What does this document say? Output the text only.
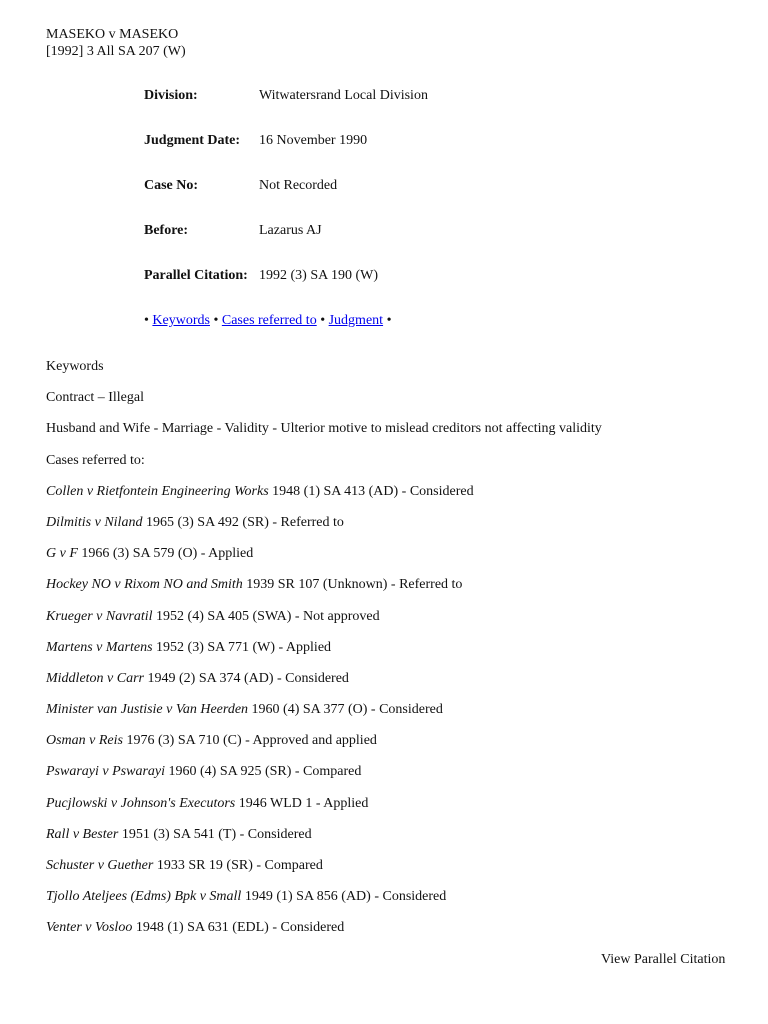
MASEKO v MASEKO
[1992] 3 All SA 207 (W)
Division:	Witwatersrand Local Division
Judgment Date:	16 November 1990
Case No:	Not Recorded
Before:	Lazarus AJ
Parallel Citation: 1992 (3) SA 190 (W)
• Keywords • Cases referred to • Judgment •
Keywords
Contract – Illegal
Husband and Wife - Marriage - Validity - Ulterior motive to mislead creditors not affecting validity
Cases referred to:
Collen v Rietfontein Engineering Works 1948 (1) SA 413 (AD) - Considered
Dilmitis v Niland 1965 (3) SA 492 (SR) - Referred to
G v F 1966 (3) SA 579 (O) - Applied
Hockey NO v Rixom NO and Smith 1939 SR 107 (Unknown) - Referred to
Krueger v Navratil 1952 (4) SA 405 (SWA) - Not approved
Martens v Martens 1952 (3) SA 771 (W) - Applied
Middleton v Carr 1949 (2) SA 374 (AD) - Considered
Minister van Justisie v Van Heerden 1960 (4) SA 377 (O) - Considered
Osman v Reis 1976 (3) SA 710 (C) - Approved and applied
Pswarayi v Pswarayi 1960 (4) SA 925 (SR) - Compared
Pucjlowski v Johnson's Executors 1946 WLD 1 - Applied
Rall v Bester 1951 (3) SA 541 (T) - Considered
Schuster v Guether 1933 SR 19 (SR) - Compared
Tjollo Ateljees (Edms) Bpk v Small 1949 (1) SA 856 (AD) - Considered
Venter v Vosloo 1948 (1) SA 631 (EDL) - Considered
View Parallel Citation
